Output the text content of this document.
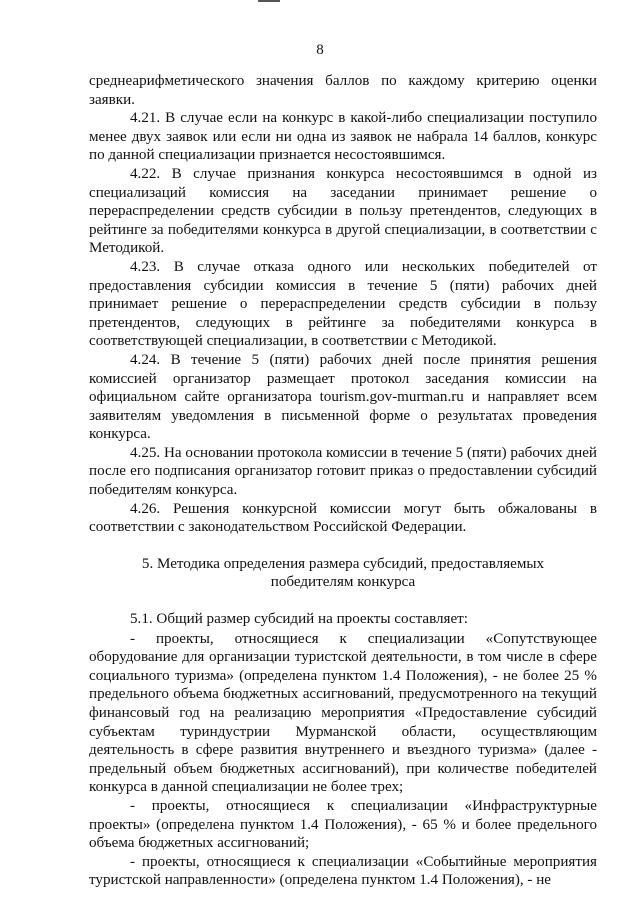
8

среднеарифметического значения баллов по каждому критерию оценки заявки.

4.21. В случае если на конкурс в какой-либо специализации поступило менее двух заявок или если ни одна из заявок не набрала 14 баллов, конкурс по данной специализации признается несостоявшимся.

4.22. В случае признания конкурса несостоявшимся в одной из специализаций комиссия на заседании принимает решение о перераспределении средств субсидии в пользу претендентов, следующих в рейтинге за победителями конкурса в другой специализации, в соответствии с Методикой.

4.23. В случае отказа одного или нескольких победителей от предоставления субсидии комиссия в течение 5 (пяти) рабочих дней принимает решение о перераспределении средств субсидии в пользу претендентов, следующих в рейтинге за победителями конкурса в соответствующей специализации, в соответствии с Методикой.

4.24. В течение 5 (пяти) рабочих дней после принятия решения комиссией организатор размещает протокол заседания комиссии на официальном сайте организатора tourism.gov-murman.ru и направляет всем заявителям уведомления в письменной форме о результатах проведения конкурса.

4.25. На основании протокола комиссии в течение 5 (пяти) рабочих дней после его подписания организатор готовит приказ о предоставлении субсидий победителям конкурса.

4.26. Решения конкурсной комиссии могут быть обжалованы в соответствии с законодательством Российской Федерации.

5. Методика определения размера субсидий, предоставляемых победителям конкурса

5.1. Общий размер субсидий на проекты составляет:

- проекты, относящиеся к специализации «Сопутствующее оборудование для организации туристской деятельности, в том числе в сфере социального туризма» (определена пунктом 1.4 Положения), - не более 25 % предельного объема бюджетных ассигнований, предусмотренного на текущий финансовый год на реализацию мероприятия «Предоставление субсидий субъектам туриндустрии Мурманской области, осуществляющим деятельность в сфере развития внутреннего и въездного туризма» (далее - предельный объем бюджетных ассигнований), при количестве победителей конкурса в данной специализации не более трех;

- проекты, относящиеся к специализации «Инфраструктурные проекты» (определена пунктом 1.4 Положения), - 65 % и более предельного объема бюджетных ассигнований;

- проекты, относящиеся к специализации «Событийные мероприятия туристской направленности» (определена пунктом 1.4 Положения), - не
